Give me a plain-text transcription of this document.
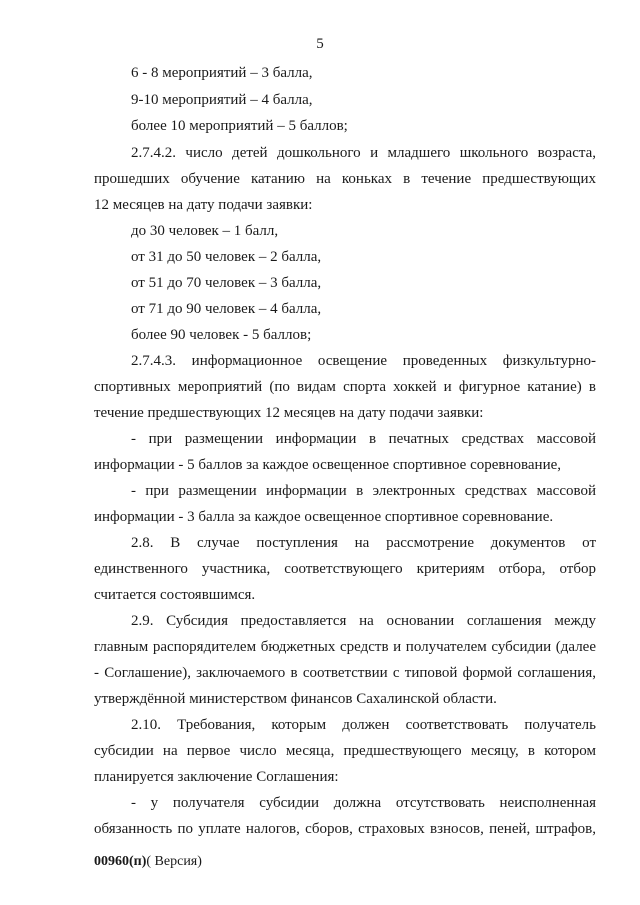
5
6 - 8 мероприятий – 3 балла,
9-10 мероприятий – 4 балла,
более 10 мероприятий – 5 баллов;
2.7.4.2. число детей дошкольного и младшего школьного возраста,
прошедших обучение катанию на коньках в течение предшествующих
12 месяцев на дату подачи заявки:
до 30 человек – 1 балл,
от 31 до 50 человек – 2 балла,
от 51 до 70 человек – 3 балла,
от 71 до 90 человек – 4 балла,
более 90 человек - 5 баллов;
2.7.4.3. информационное освещение проведенных физкультурно-
спортивных мероприятий (по видам спорта хоккей и фигурное катание) в
течение предшествующих 12 месяцев на дату подачи заявки:
- при размещении информации в печатных средствах массовой
информации - 5 баллов за каждое освещенное спортивное соревнование,
- при размещении информации в электронных средствах массовой
информации - 3 балла за каждое освещенное спортивное соревнование.
2.8. В случае поступления на рассмотрение документов от
единственного участника, соответствующего критериям отбора, отбор
считается состоявшимся.
2.9. Субсидия предоставляется на основании соглашения между
главным распорядителем бюджетных средств и получателем субсидии (далее
- Соглашение), заключаемого в соответствии с типовой формой соглашения,
утверждённой министерством финансов Сахалинской области.
2.10. Требования, которым должен соответствовать получатель
субсидии на первое число месяца, предшествующего месяцу, в котором
планируется заключение Соглашения:
- у получателя субсидии должна отсутствовать неисполненная
обязанность по уплате налогов, сборов, страховых взносов, пеней, штрафов,
00960(п)( Версия)
